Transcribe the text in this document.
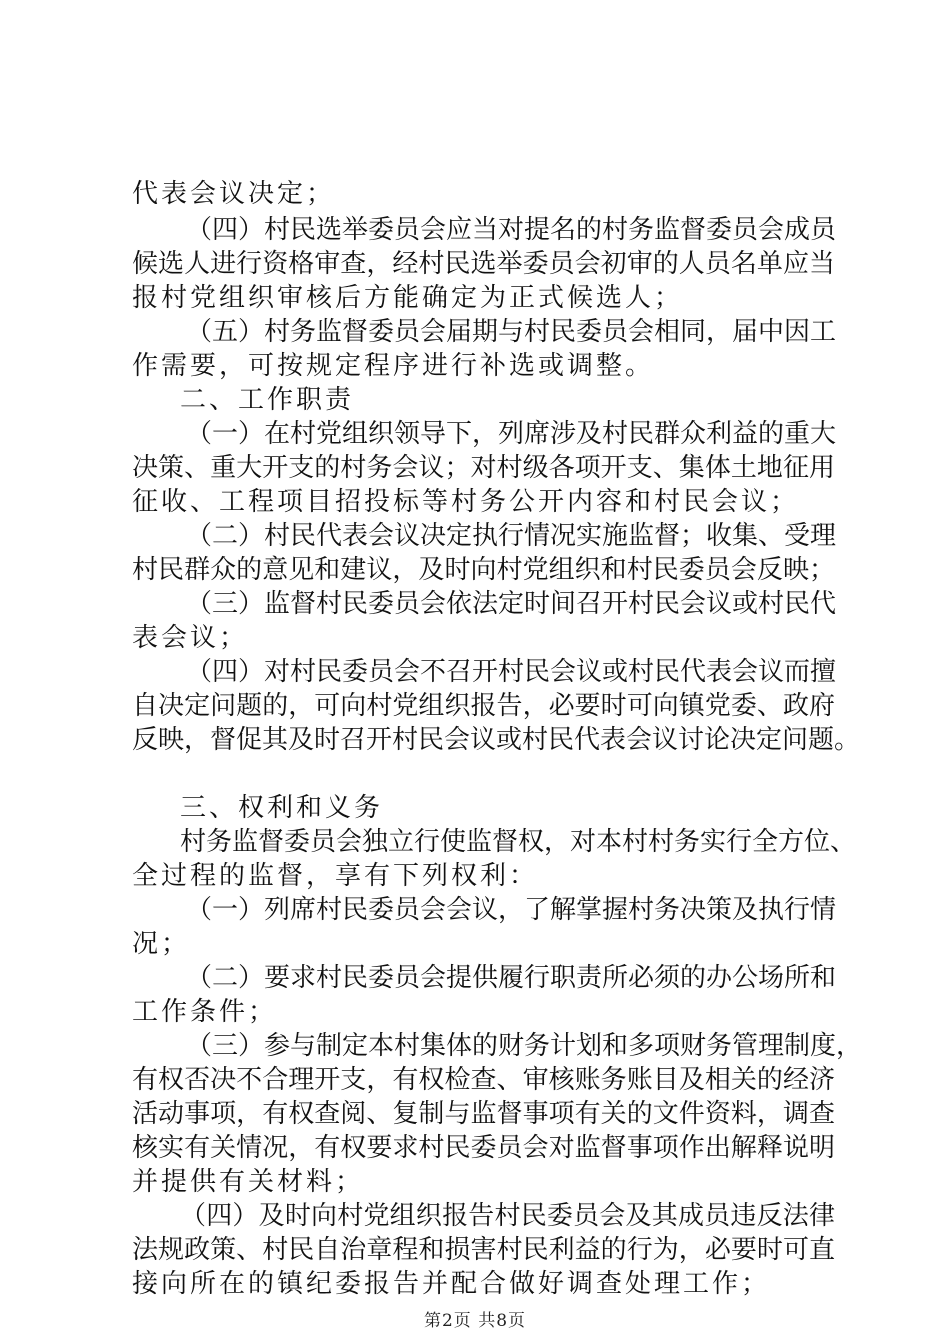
代表会议决定；
（四）村民选举委员会应当对提名的村务监督委员会成员
候选人进行资格审查，经村民选举委员会初审的人员名单应当
报村党组织审核后方能确定为正式候选人；
（五）村务监督委员会届期与村民委员会相同，届中因工
作需要，可按规定程序进行补选或调整。
二、工作职责
（一）在村党组织领导下，列席涉及村民群众利益的重大
决策、重大开支的村务会议；对村级各项开支、集体土地征用
征收、工程项目招投标等村务公开内容和村民会议；
（二）村民代表会议决定执行情况实施监督；收集、受理
村民群众的意见和建议，及时向村党组织和村民委员会反映；
（三）监督村民委员会依法定时间召开村民会议或村民代
表会议；
（四）对村民委员会不召开村民会议或村民代表会议而擅
自决定问题的，可向村党组织报告，必要时可向镇党委、政府
反映，督促其及时召开村民会议或村民代表会议讨论决定问题。
三、权利和义务
村务监督委员会独立行使监督权，对本村村务实行全方位、
全过程的监督，享有下列权利：
（一）列席村民委员会会议，了解掌握村务决策及执行情
况；
（二）要求村民委员会提供履行职责所必须的办公场所和
工作条件；
（三）参与制定本村集体的财务计划和多项财务管理制度，
有权否决不合理开支，有权检查、审核账务账目及相关的经济
活动事项，有权查阅、复制与监督事项有关的文件资料，调查
核实有关情况，有权要求村民委员会对监督事项作出解释说明
并提供有关材料；
（四）及时向村党组织报告村民委员会及其成员违反法律
法规政策、村民自治章程和损害村民利益的行为，必要时可直
接向所在的镇纪委报告并配合做好调查处理工作；
第2页 共8页
